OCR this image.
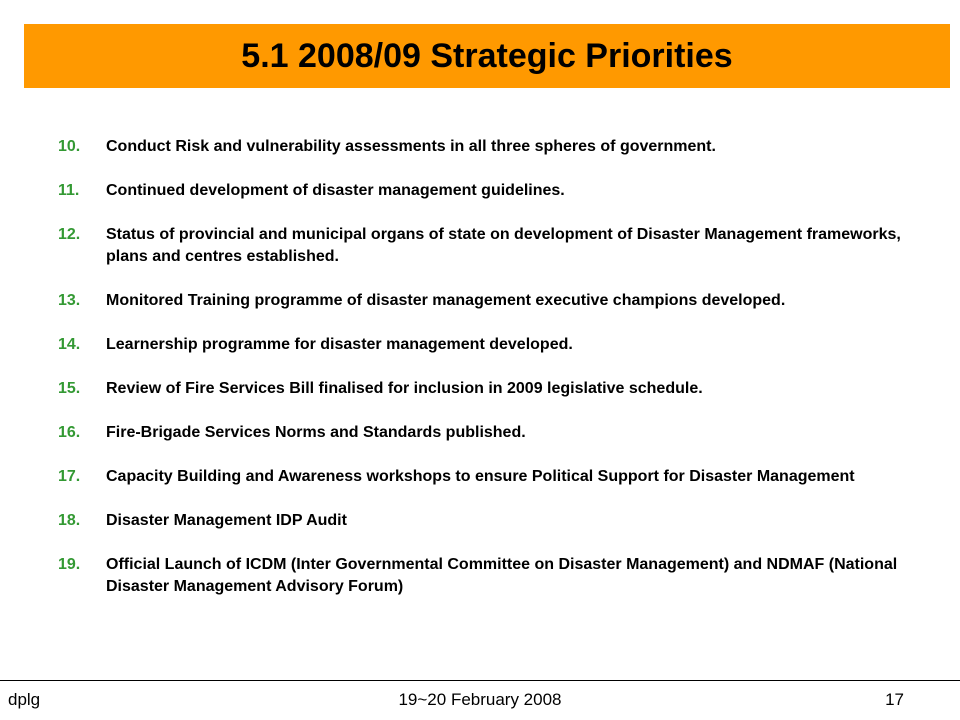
5.1 2008/09 Strategic Priorities
10.	Conduct Risk and vulnerability assessments in all three spheres of government.
11.	Continued development of disaster management guidelines.
12.	Status of provincial and municipal organs of state on development of Disaster Management frameworks, plans and centres established.
13.	Monitored Training programme of disaster management executive champions developed.
14.	Learnership programme for disaster management developed.
15.	Review of Fire Services Bill finalised for inclusion in 2009 legislative schedule.
16.	Fire-Brigade Services Norms and Standards published.
17.	Capacity Building and Awareness workshops to ensure Political Support for Disaster Management
18.	Disaster Management IDP Audit
19.	Official Launch of ICDM (Inter Governmental Committee on Disaster Management) and NDMAF (National Disaster Management Advisory Forum)
dplg	19~20 February 2008	17
